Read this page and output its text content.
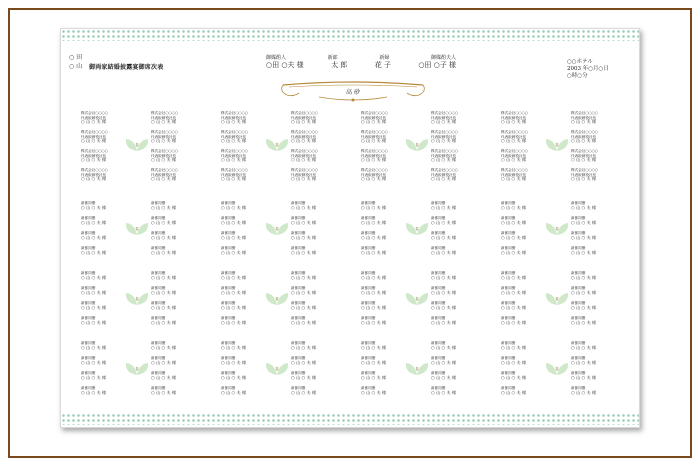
○ 田
○ 山 御両家結婚披露宴御席次表
御媒酌人	新郎	新婦	御媒酌夫人
○田 ○夫 様	太 郎	花 子	○田 ○子 様	○○ホテル
2003 年○月○日
○時○分
高 砂
株式会社○○○○
代表取締役社長
○ 山 ○ 夫 様
株式会社○○○○
代表取締役社長
○ 山 ○ 夫 様
株式会社○○○○
代表取締役社長
○ 山 ○ 夫 様
株式会社○○○○
代表取締役社長
○ 山 ○ 夫 様
春
株式会社○○○○
代表取締役社長
○ 山 ○ 夫 様
株式会社○○○○
代表取締役社長
○ 山 ○ 夫 様
株式会社○○○○
代表取締役社長
○ 山 ○ 夫 様
株式会社○○○○
代表取締役社長
○ 山 ○ 夫 様
株式会社○○○○
代表取締役社長
○ 山 ○ 夫 様
株式会社○○○○
代表取締役社長
○ 山 ○ 夫 様
株式会社○○○○
代表取締役社長
○ 山 ○ 夫 様
株式会社○○○○
代表取締役社長
○ 山 ○ 夫 様
春
株式会社○○○○
代表取締役社長
○ 山 ○ 夫 様
株式会社○○○○
代表取締役社長
○ 山 ○ 夫 様
株式会社○○○○
代表取締役社長
○ 山 ○ 夫 様
株式会社○○○○
代表取締役社長
○ 山 ○ 夫 様
株式会社○○○○
代表取締役社長
○ 山 ○ 夫 様
株式会社○○○○
代表取締役社長
○ 山 ○ 夫 様
株式会社○○○○
代表取締役社長
○ 山 ○ 夫 様
株式会社○○○○
代表取締役社長
○ 山 ○ 夫 様
春
株式会社○○○○
代表取締役社長
○ 山 ○ 夫 様
株式会社○○○○
代表取締役社長
○ 山 ○ 夫 様
株式会社○○○○
代表取締役社長
○ 山 ○ 夫 様
株式会社○○○○
代表取締役社長
○ 山 ○ 夫 様
株式会社○○○○
代表取締役社長
○ 山 ○ 夫 様
株式会社○○○○
代表取締役社長
○ 山 ○ 夫 様
株式会社○○○○
代表取締役社長
○ 山 ○ 夫 様
株式会社○○○○
代表取締役社長
○ 山 ○ 夫 様
春
株式会社○○○○
代表取締役社長
○ 山 ○ 夫 様
株式会社○○○○
代表取締役社長
○ 山 ○ 夫 様
株式会社○○○○
代表取締役社長
○ 山 ○ 夫 様
株式会社○○○○
代表取締役社長
○ 山 ○ 夫 様
新郎同僚
○ 山 ○ 夫 様
新郎同僚
○ 山 ○ 夫 様
新郎同僚
○ 山 ○ 夫 様
新郎同僚
○ 山 ○ 夫 様
春
新郎同僚
○ 山 ○ 夫 様
新郎同僚
○ 山 ○ 夫 様
新郎同僚
○ 山 ○ 夫 様
新郎同僚
○ 山 ○ 夫 様
新郎同僚
○ 山 ○ 夫 様
新郎同僚
○ 山 ○ 夫 様
新郎同僚
○ 山 ○ 夫 様
新郎同僚
○ 山 ○ 夫 様
春
新郎同僚
○ 山 ○ 夫 様
新郎同僚
○ 山 ○ 夫 様
新郎同僚
○ 山 ○ 夫 様
新郎同僚
○ 山 ○ 夫 様
新郎同僚
○ 山 ○ 夫 様
新郎同僚
○ 山 ○ 夫 様
新郎同僚
○ 山 ○ 夫 様
新郎同僚
○ 山 ○ 夫 様
春
新郎同僚
○ 山 ○ 夫 様
新郎同僚
○ 山 ○ 夫 様
新郎同僚
○ 山 ○ 夫 様
新郎同僚
○ 山 ○ 夫 様
新郎同僚
○ 山 ○ 夫 様
新郎同僚
○ 山 ○ 夫 様
新郎同僚
○ 山 ○ 夫 様
新郎同僚
○ 山 ○ 夫 様
春
新郎同僚
○ 山 ○ 夫 様
新郎同僚
○ 山 ○ 夫 様
新郎同僚
○ 山 ○ 夫 様
新郎同僚
○ 山 ○ 夫 様
新郎同僚
○ 山 ○ 夫 様
新郎同僚
○ 山 ○ 夫 様
新郎同僚
○ 山 ○ 夫 様
新郎同僚
○ 山 ○ 夫 様
春
新郎同僚
○ 山 ○ 夫 様
新郎同僚
○ 山 ○ 夫 様
新郎同僚
○ 山 ○ 夫 様
新郎同僚
○ 山 ○ 夫 様
新郎同僚
○ 山 ○ 夫 様
新郎同僚
○ 山 ○ 夫 様
新郎同僚
○ 山 ○ 夫 様
新郎同僚
○ 山 ○ 夫 様
春
新郎同僚
○ 山 ○ 夫 様
新郎同僚
○ 山 ○ 夫 様
新郎同僚
○ 山 ○ 夫 様
新郎同僚
○ 山 ○ 夫 様
新郎同僚
○ 山 ○ 夫 様
新郎同僚
○ 山 ○ 夫 様
新郎同僚
○ 山 ○ 夫 様
新郎同僚
○ 山 ○ 夫 様
春
新郎同僚
○ 山 ○ 夫 様
新郎同僚
○ 山 ○ 夫 様
新郎同僚
○ 山 ○ 夫 様
新郎同僚
○ 山 ○ 夫 様
新郎同僚
○ 山 ○ 夫 様
新郎同僚
○ 山 ○ 夫 様
新郎同僚
○ 山 ○ 夫 様
新郎同僚
○ 山 ○ 夫 様
春
新郎同僚
○ 山 ○ 夫 様
新郎同僚
○ 山 ○ 夫 様
新郎同僚
○ 山 ○ 夫 様
新郎同僚
○ 山 ○ 夫 様
新郎同僚
○ 山 ○ 夫 様
新郎同僚
○ 山 ○ 夫 様
新郎同僚
○ 山 ○ 夫 様
新郎同僚
○ 山 ○ 夫 様
春
新郎同僚
○ 山 ○ 夫 様
新郎同僚
○ 山 ○ 夫 様
新郎同僚
○ 山 ○ 夫 様
新郎同僚
○ 山 ○ 夫 様
新郎同僚
○ 山 ○ 夫 様
新郎同僚
○ 山 ○ 夫 様
新郎同僚
○ 山 ○ 夫 様
新郎同僚
○ 山 ○ 夫 様
春
新郎同僚
○ 山 ○ 夫 様
新郎同僚
○ 山 ○ 夫 様
新郎同僚
○ 山 ○ 夫 様
新郎同僚
○ 山 ○ 夫 様
新郎同僚
○ 山 ○ 夫 様
新郎同僚
○ 山 ○ 夫 様
新郎同僚
○ 山 ○ 夫 様
新郎同僚
○ 山 ○ 夫 様
春
新郎同僚
○ 山 ○ 夫 様
新郎同僚
○ 山 ○ 夫 様
新郎同僚
○ 山 ○ 夫 様
新郎同僚
○ 山 ○ 夫 様
新郎同僚
○ 山 ○ 夫 様
新郎同僚
○ 山 ○ 夫 様
新郎同僚
○ 山 ○ 夫 様
新郎同僚
○ 山 ○ 夫 様
春
新郎同僚
○ 山 ○ 夫 様
新郎同僚
○ 山 ○ 夫 様
新郎同僚
○ 山 ○ 夫 様
新郎同僚
○ 山 ○ 夫 様
